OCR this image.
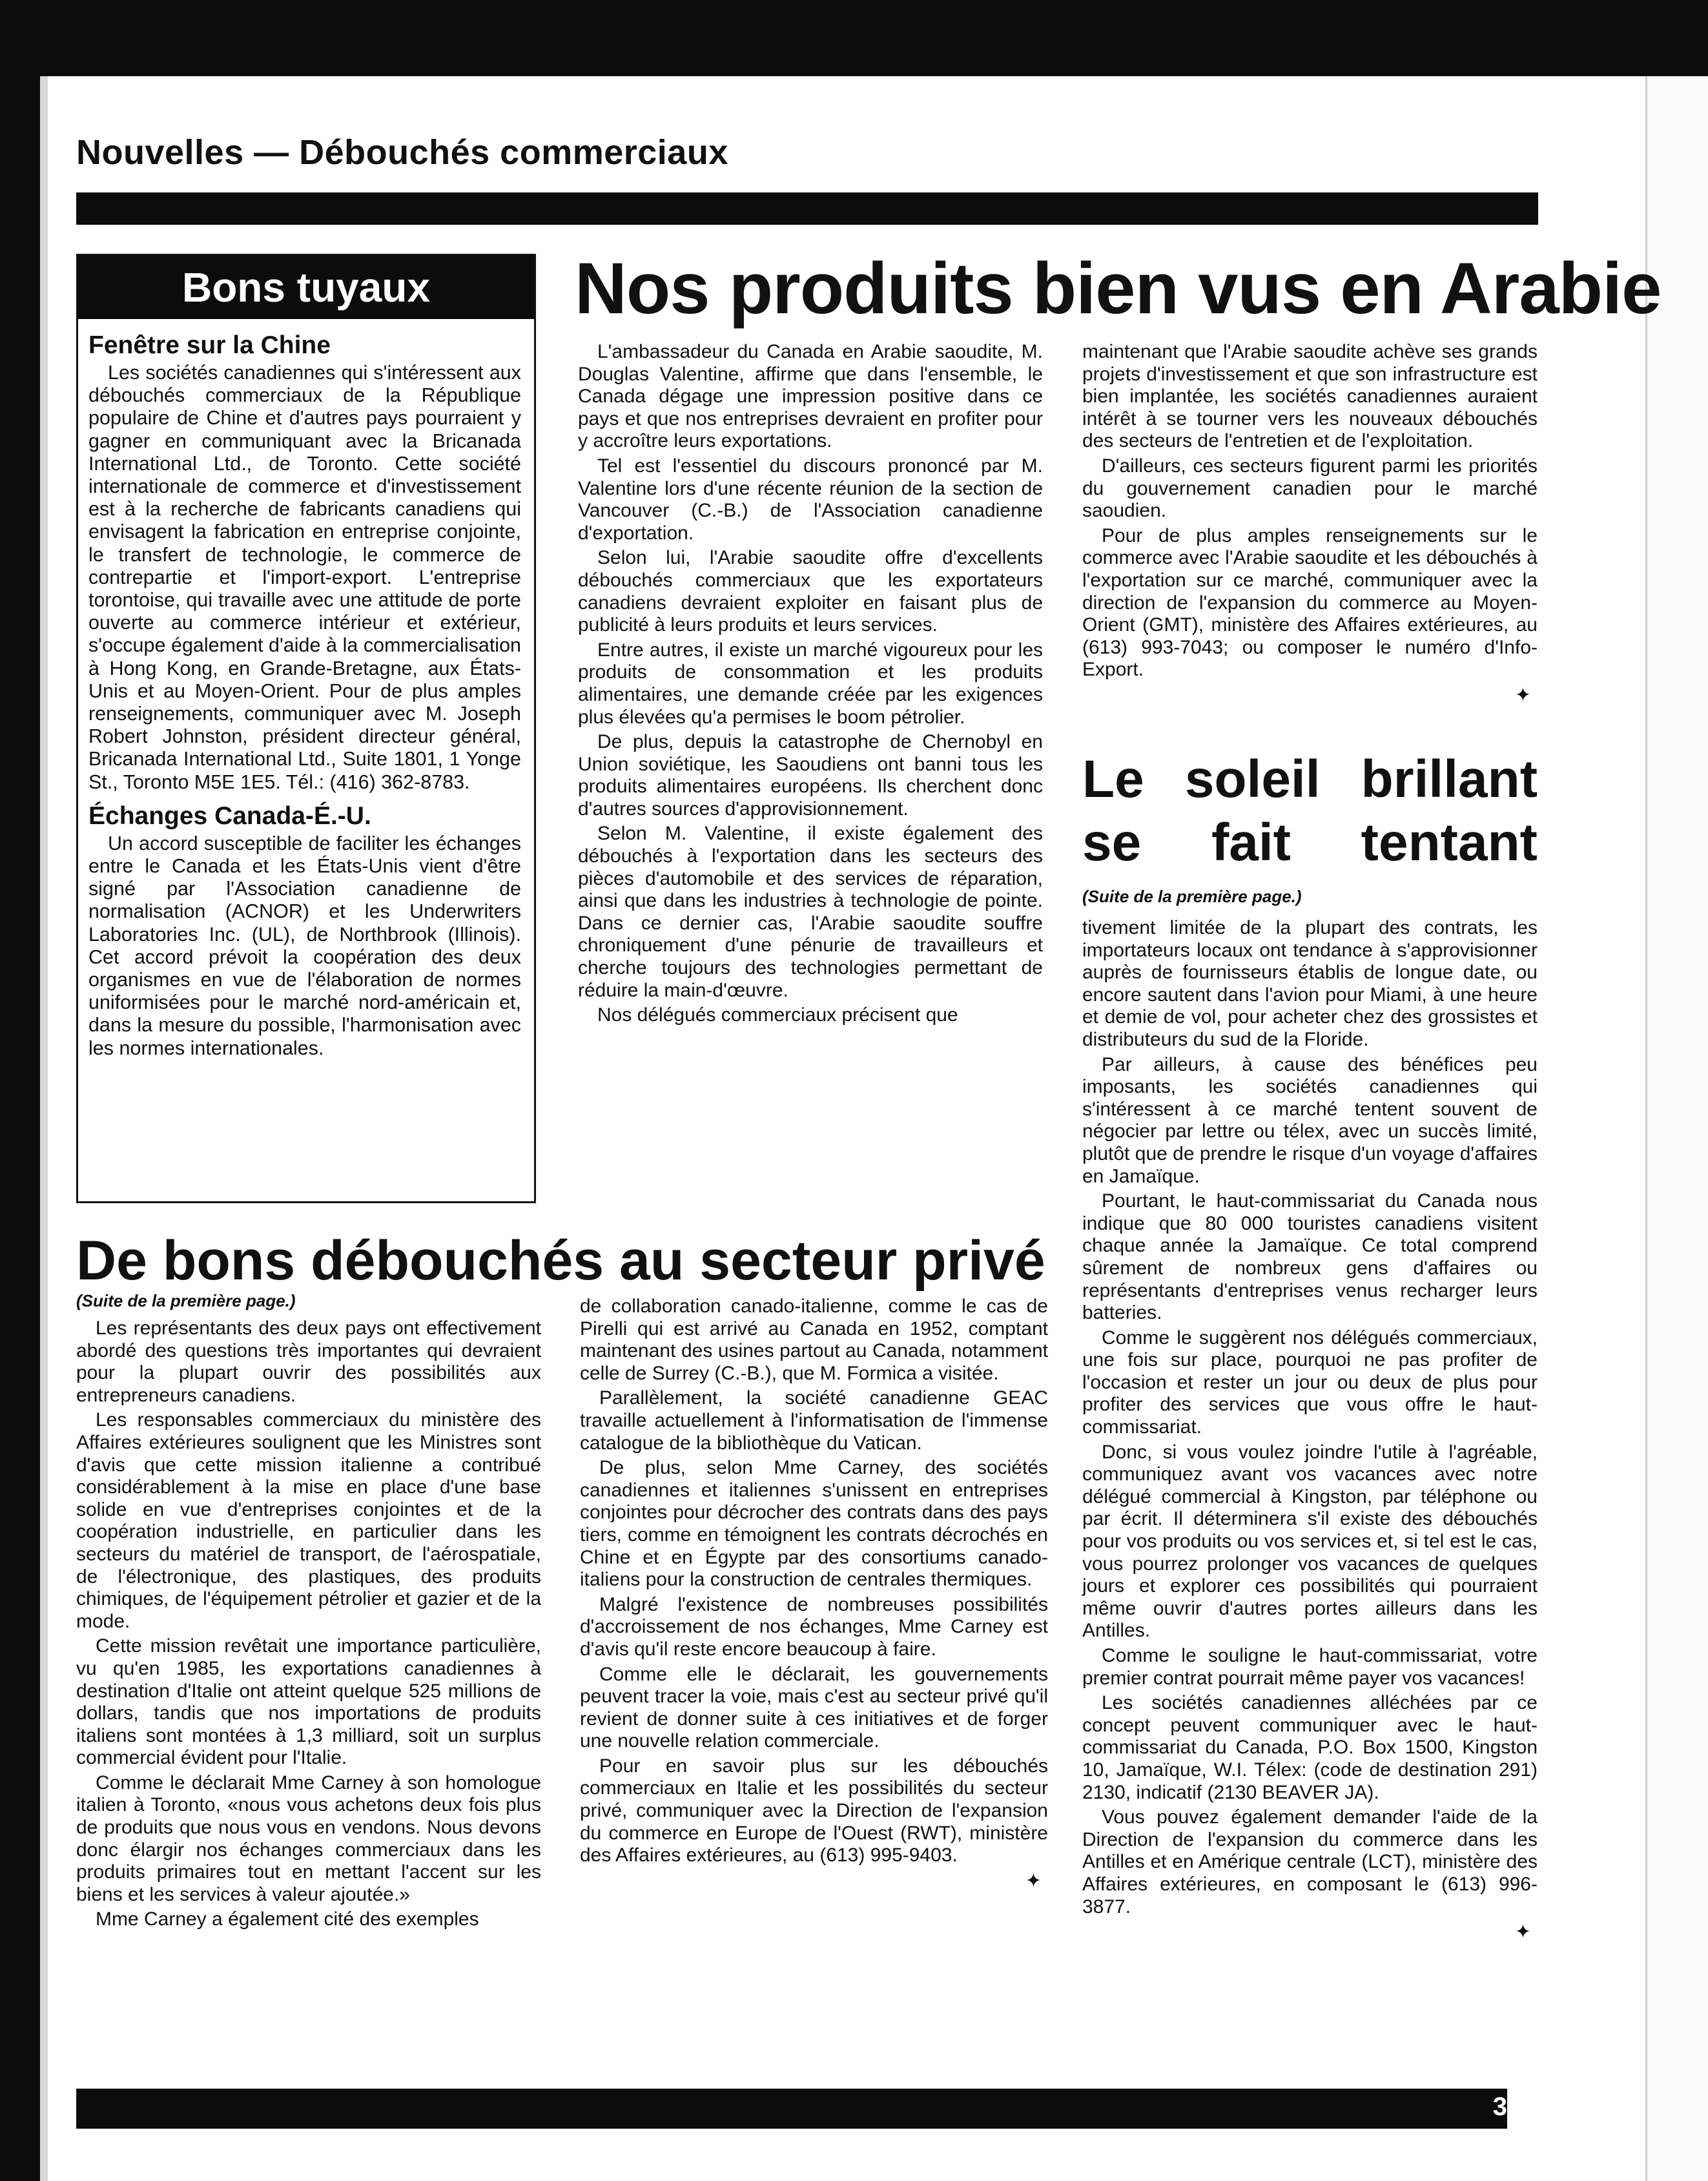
Nouvelles — Débouchés commerciaux
Bons tuyaux
Fenêtre sur la Chine

Les sociétés canadiennes qui s'intéressent aux débouchés commerciaux de la République populaire de Chine et d'autres pays pourraient y gagner en communiquant avec la Bricanada International Ltd., de Toronto. Cette société internationale de commerce et d'investissement est à la recherche de fabricants canadiens qui envisagent la fabrication en entreprise conjointe, le transfert de technologie, le commerce de contrepartie et l'import-export. L'entreprise torontoise, qui travaille avec une attitude de porte ouverte au commerce intérieur et extérieur, s'occupe également d'aide à la commercialisation à Hong Kong, en Grande-Bretagne, aux États-Unis et au Moyen-Orient. Pour de plus amples renseignements, communiquer avec M. Joseph Robert Johnston, président directeur général, Bricanada International Ltd., Suite 1801, 1 Yonge St., Toronto M5E 1E5. Tél.: (416) 362-8783.

Échanges Canada-É.-U.

Un accord susceptible de faciliter les échanges entre le Canada et les États-Unis vient d'être signé par l'Association canadienne de normalisation (ACNOR) et les Underwriters Laboratories Inc. (UL), de Northbrook (Illinois). Cet accord prévoit la coopération des deux organismes en vue de l'élaboration de normes uniformisées pour le marché nord-américain et, dans la mesure du possible, l'harmonisation avec les normes internationales.

Nos produits bien vus en Arabie

L'ambassadeur du Canada en Arabie saoudite, M. Douglas Valentine, affirme que dans l'ensemble, le Canada dégage une impression positive dans ce pays et que nos entreprises devraient en profiter pour y accroître leurs exportations.

Tel est l'essentiel du discours prononcé par M. Valentine lors d'une récente réunion de la section de Vancouver (C.-B.) de l'Association canadienne d'exportation.

Selon lui, l'Arabie saoudite offre d'excellents débouchés commerciaux que les exportateurs canadiens devraient exploiter en faisant plus de publicité à leurs produits et leurs services.

Entre autres, il existe un marché vigoureux pour les produits de consommation et les produits alimentaires, une demande créée par les exigences plus élevées qu'a permises le boom pétrolier.

De plus, depuis la catastrophe de Chernobyl en Union soviétique, les Saoudiens ont banni tous les produits alimentaires européens. Ils cherchent donc d'autres sources d'approvisionnement.

Selon M. Valentine, il existe également des débouchés à l'exportation dans les secteurs des pièces d'automobile et des services de réparation, ainsi que dans les industries à technologie de pointe. Dans ce dernier cas, l'Arabie saoudite souffre chroniquement d'une pénurie de travailleurs et cherche toujours des technologies permettant de réduire la main-d'œuvre.

Nos délégués commerciaux précisent que

maintenant que l'Arabie saoudite achève ses grands projets d'investissement et que son infrastructure est bien implantée, les sociétés canadiennes auraient intérêt à se tourner vers les nouveaux débouchés des secteurs de l'entretien et de l'exploitation.

D'ailleurs, ces secteurs figurent parmi les priorités du gouvernement canadien pour le marché saoudien.

Pour de plus amples renseignements sur le commerce avec l'Arabie saoudite et les débouchés à l'exportation sur ce marché, communiquer avec la direction de l'expansion du commerce au Moyen-Orient (GMT), ministère des Affaires extérieures, au (613) 993-7043; ou composer le numéro d'Info-Export.

✦
Le soleil brillant se fait tentant
(Suite de la première page.)

tivement limitée de la plupart des contrats, les importateurs locaux ont tendance à s'approvisionner auprès de fournisseurs établis de longue date, ou encore sautent dans l'avion pour Miami, à une heure et demie de vol, pour acheter chez des grossistes et distributeurs du sud de la Floride.

Par ailleurs, à cause des bénéfices peu imposants, les sociétés canadiennes qui s'intéressent à ce marché tentent souvent de négocier par lettre ou télex, avec un succès limité, plutôt que de prendre le risque d'un voyage d'affaires en Jamaïque.

Pourtant, le haut-commissariat du Canada nous indique que 80 000 touristes canadiens visitent chaque année la Jamaïque. Ce total comprend sûrement de nombreux gens d'affaires ou représentants d'entreprises venus recharger leurs batteries.

Comme le suggèrent nos délégués commerciaux, une fois sur place, pourquoi ne pas profiter de l'occasion et rester un jour ou deux de plus pour profiter des services que vous offre le haut-commissariat.

Donc, si vous voulez joindre l'utile à l'agréable, communiquez avant vos vacances avec notre délégué commercial à Kingston, par téléphone ou par écrit. Il déterminera s'il existe des débouchés pour vos produits ou vos services et, si tel est le cas, vous pourrez prolonger vos vacances de quelques jours et explorer ces possibilités qui pourraient même ouvrir d'autres portes ailleurs dans les Antilles.

Comme le souligne le haut-commissariat, votre premier contrat pourrait même payer vos vacances!

Les sociétés canadiennes alléchées par ce concept peuvent communiquer avec le haut-commissariat du Canada, P.O. Box 1500, Kingston 10, Jamaïque, W.I. Télex: (code de destination 291) 2130, indicatif (2130 BEAVER JA).

Vous pouvez également demander l'aide de la Direction de l'expansion du commerce dans les Antilles et en Amérique centrale (LCT), ministère des Affaires extérieures, en composant le (613) 996-3877.

✦
De bons débouchés au secteur privé
(Suite de la première page.)

Les représentants des deux pays ont effectivement abordé des questions très importantes qui devraient pour la plupart ouvrir des possibilités aux entrepreneurs canadiens.

Les responsables commerciaux du ministère des Affaires extérieures soulignent que les Ministres sont d'avis que cette mission italienne a contribué considérablement à la mise en place d'une base solide en vue d'entreprises conjointes et de la coopération industrielle, en particulier dans les secteurs du matériel de transport, de l'aérospatiale, de l'électronique, des plastiques, des produits chimiques, de l'équipement pétrolier et gazier et de la mode.

Cette mission revêtait une importance particulière, vu qu'en 1985, les exportations canadiennes à destination d'Italie ont atteint quelque 525 millions de dollars, tandis que nos importations de produits italiens sont montées à 1,3 milliard, soit un surplus commercial évident pour l'Italie.

Comme le déclarait Mme Carney à son homologue italien à Toronto, «nous vous achetons deux fois plus de produits que nous vous en vendons. Nous devons donc élargir nos échanges commerciaux dans les produits primaires tout en mettant l'accent sur les biens et les services à valeur ajoutée.»

Mme Carney a également cité des exemples

de collaboration canado-italienne, comme le cas de Pirelli qui est arrivé au Canada en 1952, comptant maintenant des usines partout au Canada, notamment celle de Surrey (C.-B.), que M. Formica a visitée.

Parallèlement, la société canadienne GEAC travaille actuellement à l'informatisation de l'immense catalogue de la bibliothèque du Vatican.

De plus, selon Mme Carney, des sociétés canadiennes et italiennes s'unissent en entreprises conjointes pour décrocher des contrats dans des pays tiers, comme en témoignent les contrats décrochés en Chine et en Égypte par des consortiums canado-italiens pour la construction de centrales thermiques.

Malgré l'existence de nombreuses possibilités d'accroissement de nos échanges, Mme Carney est d'avis qu'il reste encore beaucoup à faire.

Comme elle le déclarait, les gouvernements peuvent tracer la voie, mais c'est au secteur privé qu'il revient de donner suite à ces initiatives et de forger une nouvelle relation commerciale.

Pour en savoir plus sur les débouchés commerciaux en Italie et les possibilités du secteur privé, communiquer avec la Direction de l'expansion du commerce en Europe de l'Ouest (RWT), ministère des Affaires extérieures, au (613) 995-9403.

✦
3
